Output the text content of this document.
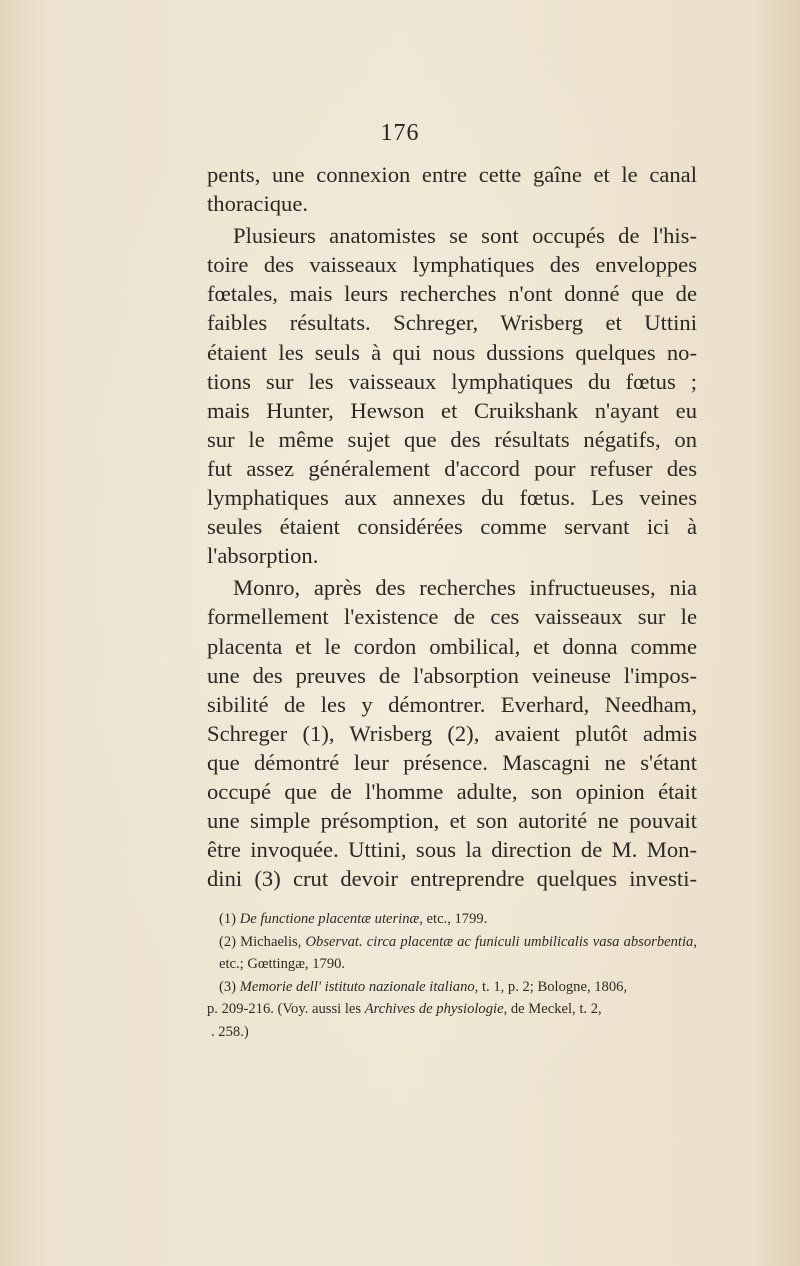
176
pents, une connexion entre cette gaîne et le canal
thoracique.
Plusieurs anatomistes se sont occupés de l'his-
toire des vaisseaux lymphatiques des enveloppes
fœtales, mais leurs recherches n'ont donné que de
faibles résultats. Schreger, Wrisberg et Uttini
étaient les seuls à qui nous dussions quelques no-
tions sur les vaisseaux lymphatiques du fœtus ;
mais Hunter, Hewson et Cruikshank n'ayant eu
sur le même sujet que des résultats négatifs, on
fut assez généralement d'accord pour refuser des
lymphatiques aux annexes du fœtus. Les veines
seules étaient considérées comme servant ici à
l'absorption.
Monro, après des recherches infructueuses, nia
formellement l'existence de ces vaisseaux sur le
placenta et le cordon ombilical, et donna comme
une des preuves de l'absorption veineuse l'impos-
sibilité de les y démontrer. Everhard, Needham,
Schreger (1), Wrisberg (2), avaient plutôt admis
que démontré leur présence. Mascagni ne s'étant
occupé que de l'homme adulte, son opinion était
une simple présomption, et son autorité ne pouvait
être invoquée. Uttini, sous la direction de M. Mon-
dini (3) crut devoir entreprendre quelques investi-
(1) De functione placentæ uterinæ, etc., 1799.
(2) Michaelis, Observat. circa placentæ ac funiculi umbilicalis vasa absorbentia, etc.; Gœttingæ, 1790.
(3) Memorie dell' istituto nazionale italiano, t. 1, p. 2; Bologne, 1806,
p. 209-216. (Voy. aussi les Archives de physiologie, de Meckel, t. 2,
. 258.)
